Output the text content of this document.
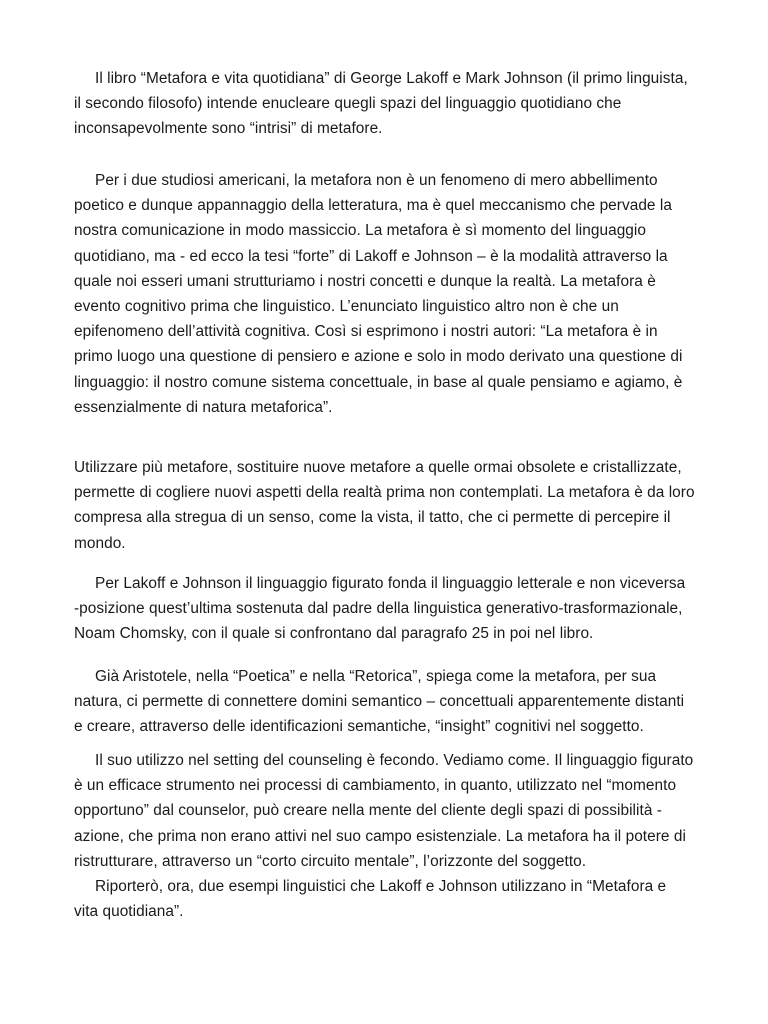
Il libro “Metafora e vita quotidiana” di George Lakoff e Mark Johnson (il primo linguista,
il secondo filosofo) intende enucleare quegli spazi del linguaggio quotidiano che
inconsapevolmente sono “intrisi” di metafore.

Per i due studiosi americani, la metafora non è un fenomeno di mero abbellimento
poetico e dunque appannaggio della letteratura, ma è quel meccanismo che pervade la
nostra comunicazione in modo massiccio. La metafora è sì momento del linguaggio
quotidiano, ma - ed ecco la tesi “forte” di Lakoff e Johnson – è la modalità attraverso la
quale noi esseri umani strutturiamo i nostri concetti e dunque la realtà. La metafora è
evento cognitivo prima che linguistico. L’enunciato linguistico altro non è che un
epifenomeno dell’attività cognitiva. Così si esprimono i nostri autori: “La metafora è in
primo luogo una questione di pensiero e azione e solo in modo derivato una questione di
linguaggio: il nostro comune sistema concettuale, in base al quale pensiamo e agiamo, è
essenzialmente di natura metaforica”.

Utilizzare più metafore, sostituire nuove metafore a quelle ormai obsolete e cristallizzate,
permette di cogliere nuovi aspetti della realtà prima non contemplati. La metafora è da loro
compresa alla stregua di un senso, come la vista, il tatto, che ci permette di percepire il
mondo.

Per Lakoff e Johnson il linguaggio figurato fonda il linguaggio letterale e non viceversa
-posizione quest’ultima sostenuta dal padre della linguistica generativo-trasformazionale,
Noam Chomsky, con il quale si confrontano dal paragrafo 25 in poi nel libro.

Già Aristotele, nella “Poetica” e nella “Retorica”, spiega come la metafora, per sua
natura, ci permette di connettere domini semantico – concettuali apparentemente distanti
e creare, attraverso delle identificazioni semantiche, “insight” cognitivi nel soggetto.

Il suo utilizzo nel setting del counseling è fecondo. Vediamo come. Il linguaggio figurato
è un efficace strumento nei processi di cambiamento, in quanto, utilizzato nel “momento
opportuno” dal counselor, può creare nella mente del cliente degli spazi di possibilità -
azione, che prima non erano attivi nel suo campo esistenziale. La metafora ha il potere di
ristrutturare, attraverso un “corto circuito mentale”, l’orizzonte del soggetto.

Riporterò, ora, due esempi linguistici che Lakoff e Johnson utilizzano in “Metafora e
vita quotidiana”.
